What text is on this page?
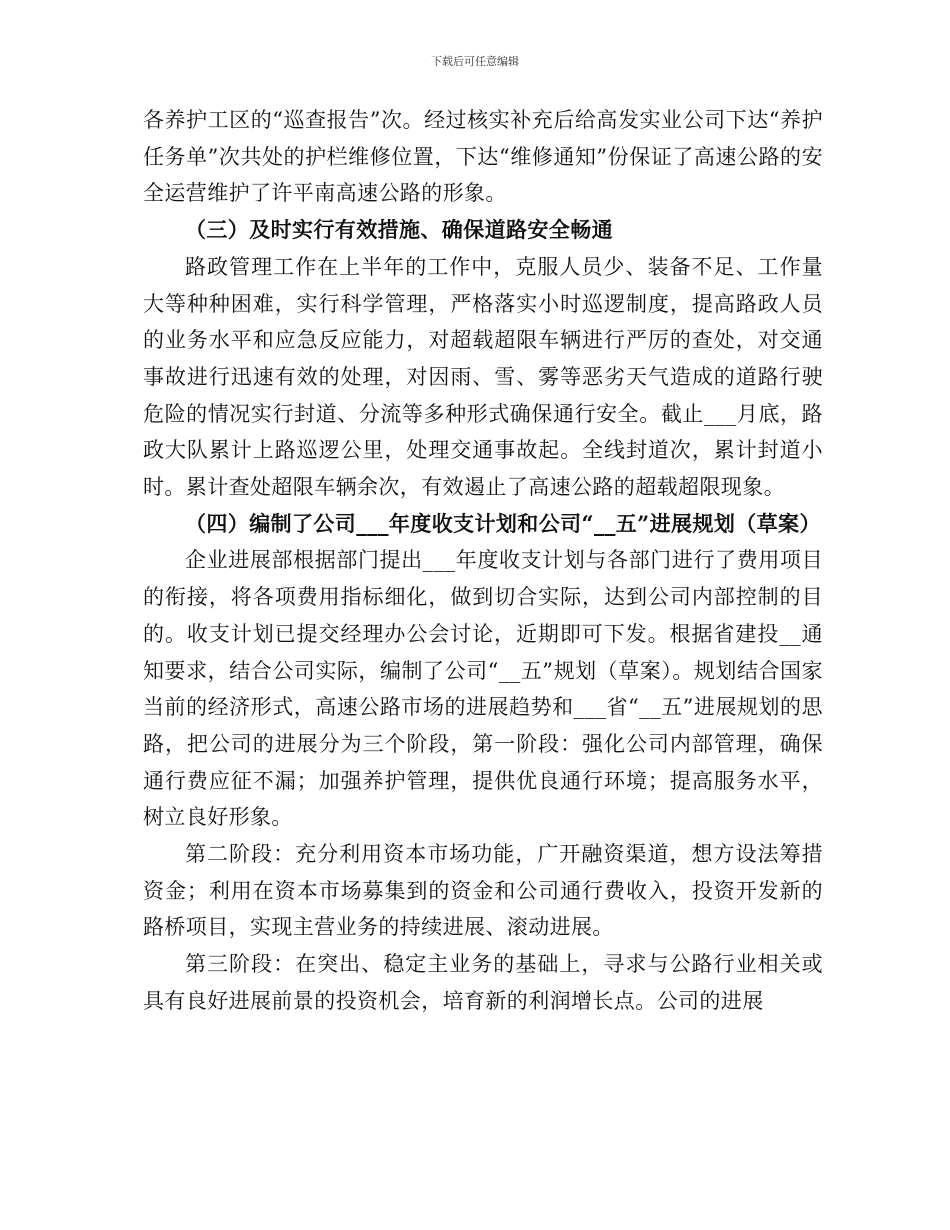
下载后可任意编辑

各养护工区的“巡查报告”次。经过核实补充后给高发实业公司下达“养护任务单”次共处的护栏维修位置，下达“维修通知”份保证了高速公路的安全运营维护了许平南高速公路的形象。

（三）及时实行有效措施、确保道路安全畅通

路政管理工作在上半年的工作中，克服人员少、装备不足、工作量大等种种困难，实行科学管理，严格落实小时巡逻制度，提高路政人员的业务水平和应急反应能力，对超载超限车辆进行严厉的查处，对交通事故进行迅速有效的处理，对因雨、雪、雾等恶劣天气造成的道路行驶危险的情况实行封道、分流等多种形式确保通行安全。截止___月底，路政大队累计上路巡逻公里，处理交通事故起。全线封道次，累计封道小时。累计查处超限车辆余次，有效遏止了高速公路的超载超限现象。

（四）编制了公司___年度收支计划和公司“__五”进展规划（草案）

企业进展部根据部门提出___年度收支计划与各部门进行了费用项目的衔接，将各项费用指标细化，做到切合实际，达到公司内部控制的目的。收支计划已提交经理办公会讨论，近期即可下发。根据省建投__通知要求，结合公司实际，编制了公司“__五”规划（草案）。规划结合国家当前的经济形式，高速公路市场的进展趋势和___省“__五”进展规划的思路，把公司的进展分为三个阶段，第一阶段：强化公司内部管理，确保通行费应征不漏；加强养护管理，提供优良通行环境；提高服务水平，树立良好形象。

第二阶段：充分利用资本市场功能，广开融资渠道，想方设法筹措资金；利用在资本市场募集到的资金和公司通行费收入，投资开发新的路桥项目，实现主营业务的持续进展、滚动进展。

第三阶段：在突出、稳定主业务的基础上，寻求与公路行业相关或具有良好进展前景的投资机会，培育新的利润增长点。公司的进展
